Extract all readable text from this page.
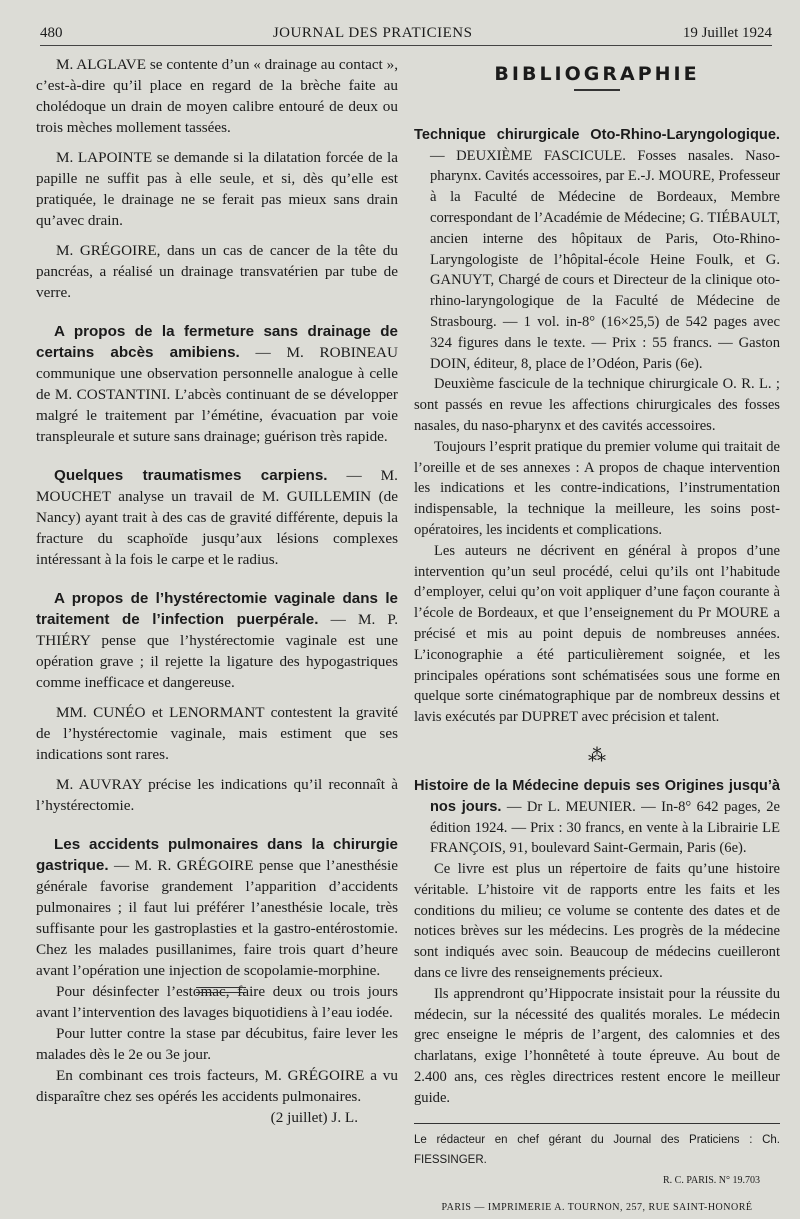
480	JOURNAL DES PRATICIENS	19 Juillet 1924

M. ALGLAVE se contente d’un « drainage au contact », c’est-à-dire qu’il place en regard de la brèche faite au cholédoque un drain de moyen calibre entouré de deux ou trois mèches mollement tassées.

M. LAPOINTE se demande si la dilatation forcée de la papille ne suffit pas à elle seule, et si, dès qu’elle est pratiquée, le drainage ne se ferait pas mieux sans drain qu’avec drain.

M. GRÉGOIRE, dans un cas de cancer de la tête du pancréas, a réalisé un drainage transvatérien par tube de verre.

A propos de la fermeture sans drainage de certains abcès amibiens. — M. ROBINEAU communique une observation personnelle analogue à celle de M. COSTANTINI. L’abcès continuant de se développer malgré le traitement par l’émétine, évacuation par voie transpleurale et suture sans drainage; guérison très rapide.

Quelques traumatismes carpiens. — M. MOUCHET analyse un travail de M. GUILLEMIN (de Nancy) ayant trait à des cas de gravité différente, depuis la fracture du scaphoïde jusqu’aux lésions complexes intéressant à la fois le carpe et le radius.

A propos de l’hystérectomie vaginale dans le traitement de l’infection puerpérale. — M. P. THIÉRY pense que l’hystérectomie vaginale est une opération grave ; il rejette la ligature des hypogastriques comme inefficace et dangereuse.

MM. CUNÉO et LENORMANT contestent la gravité de l’hystérectomie vaginale, mais estiment que ses indications sont rares.

M. AUVRAY précise les indications qu’il reconnaît à l’hystérectomie.

Les accidents pulmonaires dans la chirurgie gastrique. — M. R. GRÉGOIRE pense que l’anesthésie générale favorise grandement l’apparition d’accidents pulmonaires ; il faut lui préférer l’anesthésie locale, très suffisante pour les gastroplasties et la gastro-entérostomie. Chez les malades pusillanimes, faire trois quart d’heure avant l’opération une injection de scopolamie-morphine.

Pour désinfecter l’estomac, faire deux ou trois jours avant l’intervention des lavages biquotidiens à l’eau iodée.

Pour lutter contre la stase par décubitus, faire lever les malades dès le 2e ou 3e jour.

En combinant ces trois facteurs, M. GRÉGOIRE a vu disparaître chez ses opérés les accidents pulmonaires.

(2 juillet) J. L.

BIBLIOGRAPHIE

Technique chirurgicale Oto-Rhino-Laryngologique. — DEUXIÈME FASCICULE. Fosses nasales. Naso-pharynx. Cavités accessoires, par E.-J. MOURE, Professeur à la Faculté de Médecine de Bordeaux, Membre correspondant de l’Académie de Médecine; G. TIÉBAULT, ancien interne des hôpitaux de Paris, Oto-Rhino-Laryngologiste de l’hôpital-école Heine Foulk, et G. GANUYT, Chargé de cours et Directeur de la clinique oto-rhino-laryngologique de la Faculté de Médecine de Strasbourg. — 1 vol. in-8° (16×25,5) de 542 pages avec 324 figures dans le texte. — Prix : 55 francs. — Gaston DOIN, éditeur, 8, place de l’Odéon, Paris (6e).

Deuxième fascicule de la technique chirurgicale O. R. L. ; sont passés en revue les affections chirurgicales des fosses nasales, du naso-pharynx et des cavités accessoires.

Toujours l’esprit pratique du premier volume qui traitait de l’oreille et de ses annexes : A propos de chaque intervention les indications et les contre-indications, l’instrumentation indispensable, la technique la meilleure, les soins post-opératoires, les incidents et complications.

Les auteurs ne décrivent en général à propos d’une intervention qu’un seul procédé, celui qu’ils ont l’habitude d’employer, celui qu’on voit appliquer d’une façon courante à l’école de Bordeaux, et que l’enseignement du Pr MOURE a précisé et mis au point depuis de nombreuses années. L’iconographie a été particulièrement soignée, et les principales opérations sont schématisées sous une forme en quelque sorte cinématographique par de nombreux dessins et lavis exécutés par DUPRET avec précision et talent.

⁂

Histoire de la Médecine depuis ses Origines jusqu’à nos jours. — Dr L. MEUNIER. — In-8° 642 pages, 2e édition 1924. — Prix : 30 francs, en vente à la Librairie LE FRANÇOIS, 91, boulevard Saint-Germain, Paris (6e).

Ce livre est plus un répertoire de faits qu’une histoire véritable. L’histoire vit de rapports entre les faits et les conditions du milieu; ce volume se contente des dates et de notices brèves sur les médecins. Les progrès de la médecine sont indiqués avec soin. Beaucoup de médecins cueilleront dans ce livre des renseignements précieux.

Ils apprendront qu’Hippocrate insistait pour la réussite du médecin, sur la nécessité des qualités morales. Le médecin grec enseigne le mépris de l’argent, des calomnies et des charlatans, exige l’honnêteté à toute épreuve. Au bout de 2.400 ans, ces règles directrices restent encore le meilleur guide.

Le rédacteur en chef gérant du Journal des Praticiens : Ch. FIESSINGER.

R. C. PARIS. N° 19.703

PARIS — IMPRIMERIE A. TOURNON, 257, RUE SAINT-HONORÉ
